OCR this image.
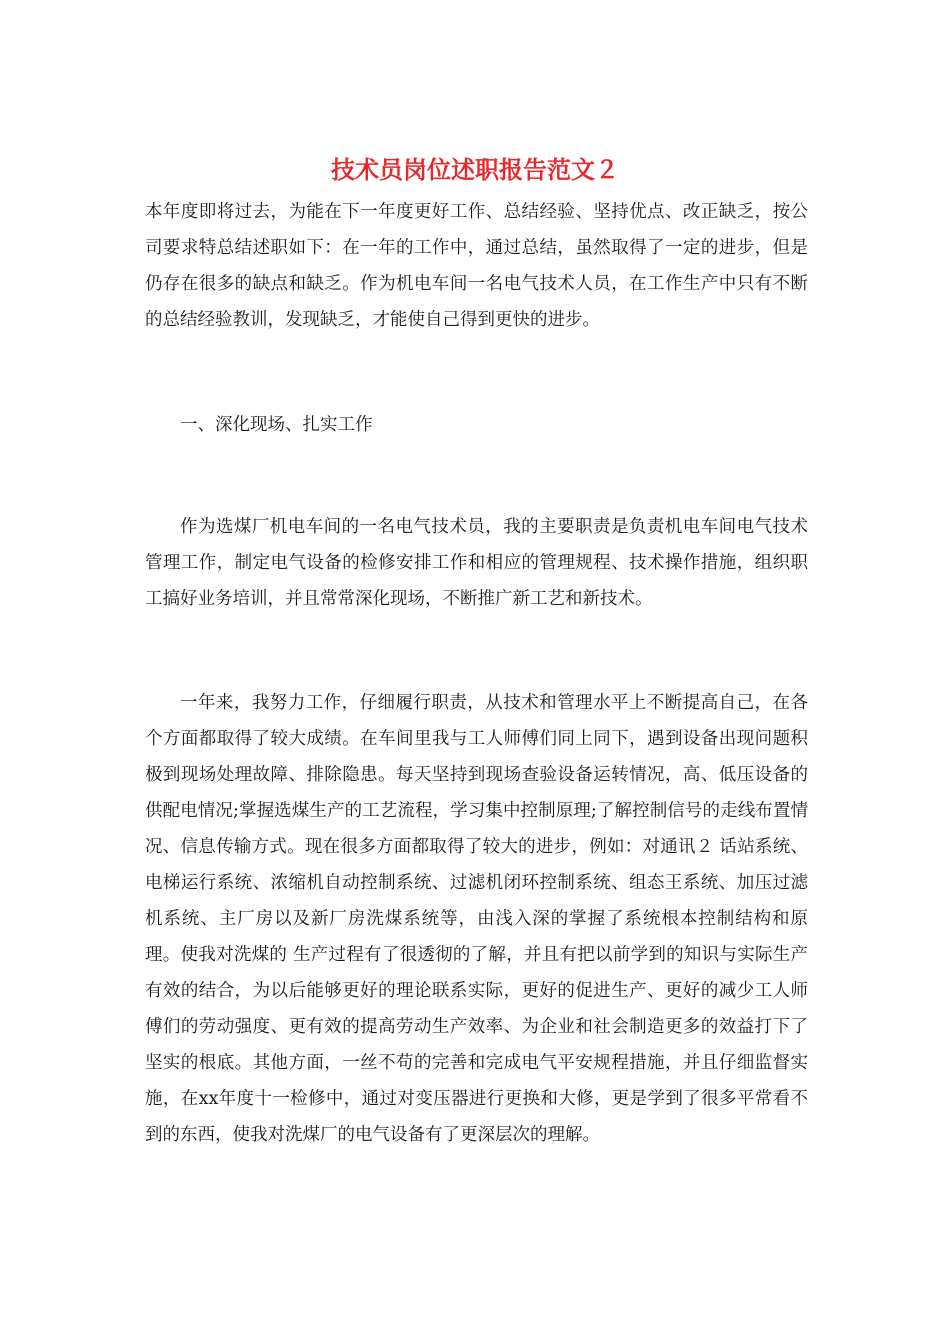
技术员岗位述职报告范文２

本年度即将过去，为能在下一年度更好工作、总结经验、坚持优点、改正缺乏，按公司要求特总结述职如下：在一年的工作中，通过总结，虽然取得了一定的进步，但是仍存在很多的缺点和缺乏。作为机电车间一名电气技术人员，在工作生产中只有不断的总结经验教训，发现缺乏，才能使自己得到更快的进步。

一、深化现场、扎实工作

作为选煤厂机电车间的一名电气技术员，我的主要职责是负责机电车间电气技术管理工作，制定电气设备的检修安排工作和相应的管理规程、技术操作措施，组织职工搞好业务培训，并且常常深化现场，不断推广新工艺和新技术。

一年来，我努力工作，仔细履行职责，从技术和管理水平上不断提高自己，在各个方面都取得了较大成绩。在车间里我与工人师傅们同上同下，遇到设备出现问题积极到现场处理故障、排除隐患。每天坚持到现场查验设备运转情况，高、低压设备的供配电情况;掌握选煤生产的工艺流程，学习集中控制原理;了解控制信号的走线布置情况、信息传输方式。现在很多方面都取得了较大的进步，例如：对通讯２ 话站系统、电梯运行系统、浓缩机自动控制系统、过滤机闭环控制系统、组态王系统、加压过滤机系统、主厂房以及新厂房洗煤系统等，由浅入深的掌握了系统根本控制结构和原理。使我对洗煤的 生产过程有了很透彻的了解，并且有把以前学到的知识与实际生产有效的结合，为以后能够更好的理论联系实际，更好的促进生产、更好的减少工人师傅们的劳动强度、更有效的提高劳动生产效率、为企业和社会制造更多的效益打下了坚实的根底。其他方面，一丝不苟的完善和完成电气平安规程措施，并且仔细监督实施，在xx年度十一检修中，通过对变压器进行更换和大修，更是学到了很多平常看不到的东西，使我对洗煤厂的电气设备有了更深层次的理解。
